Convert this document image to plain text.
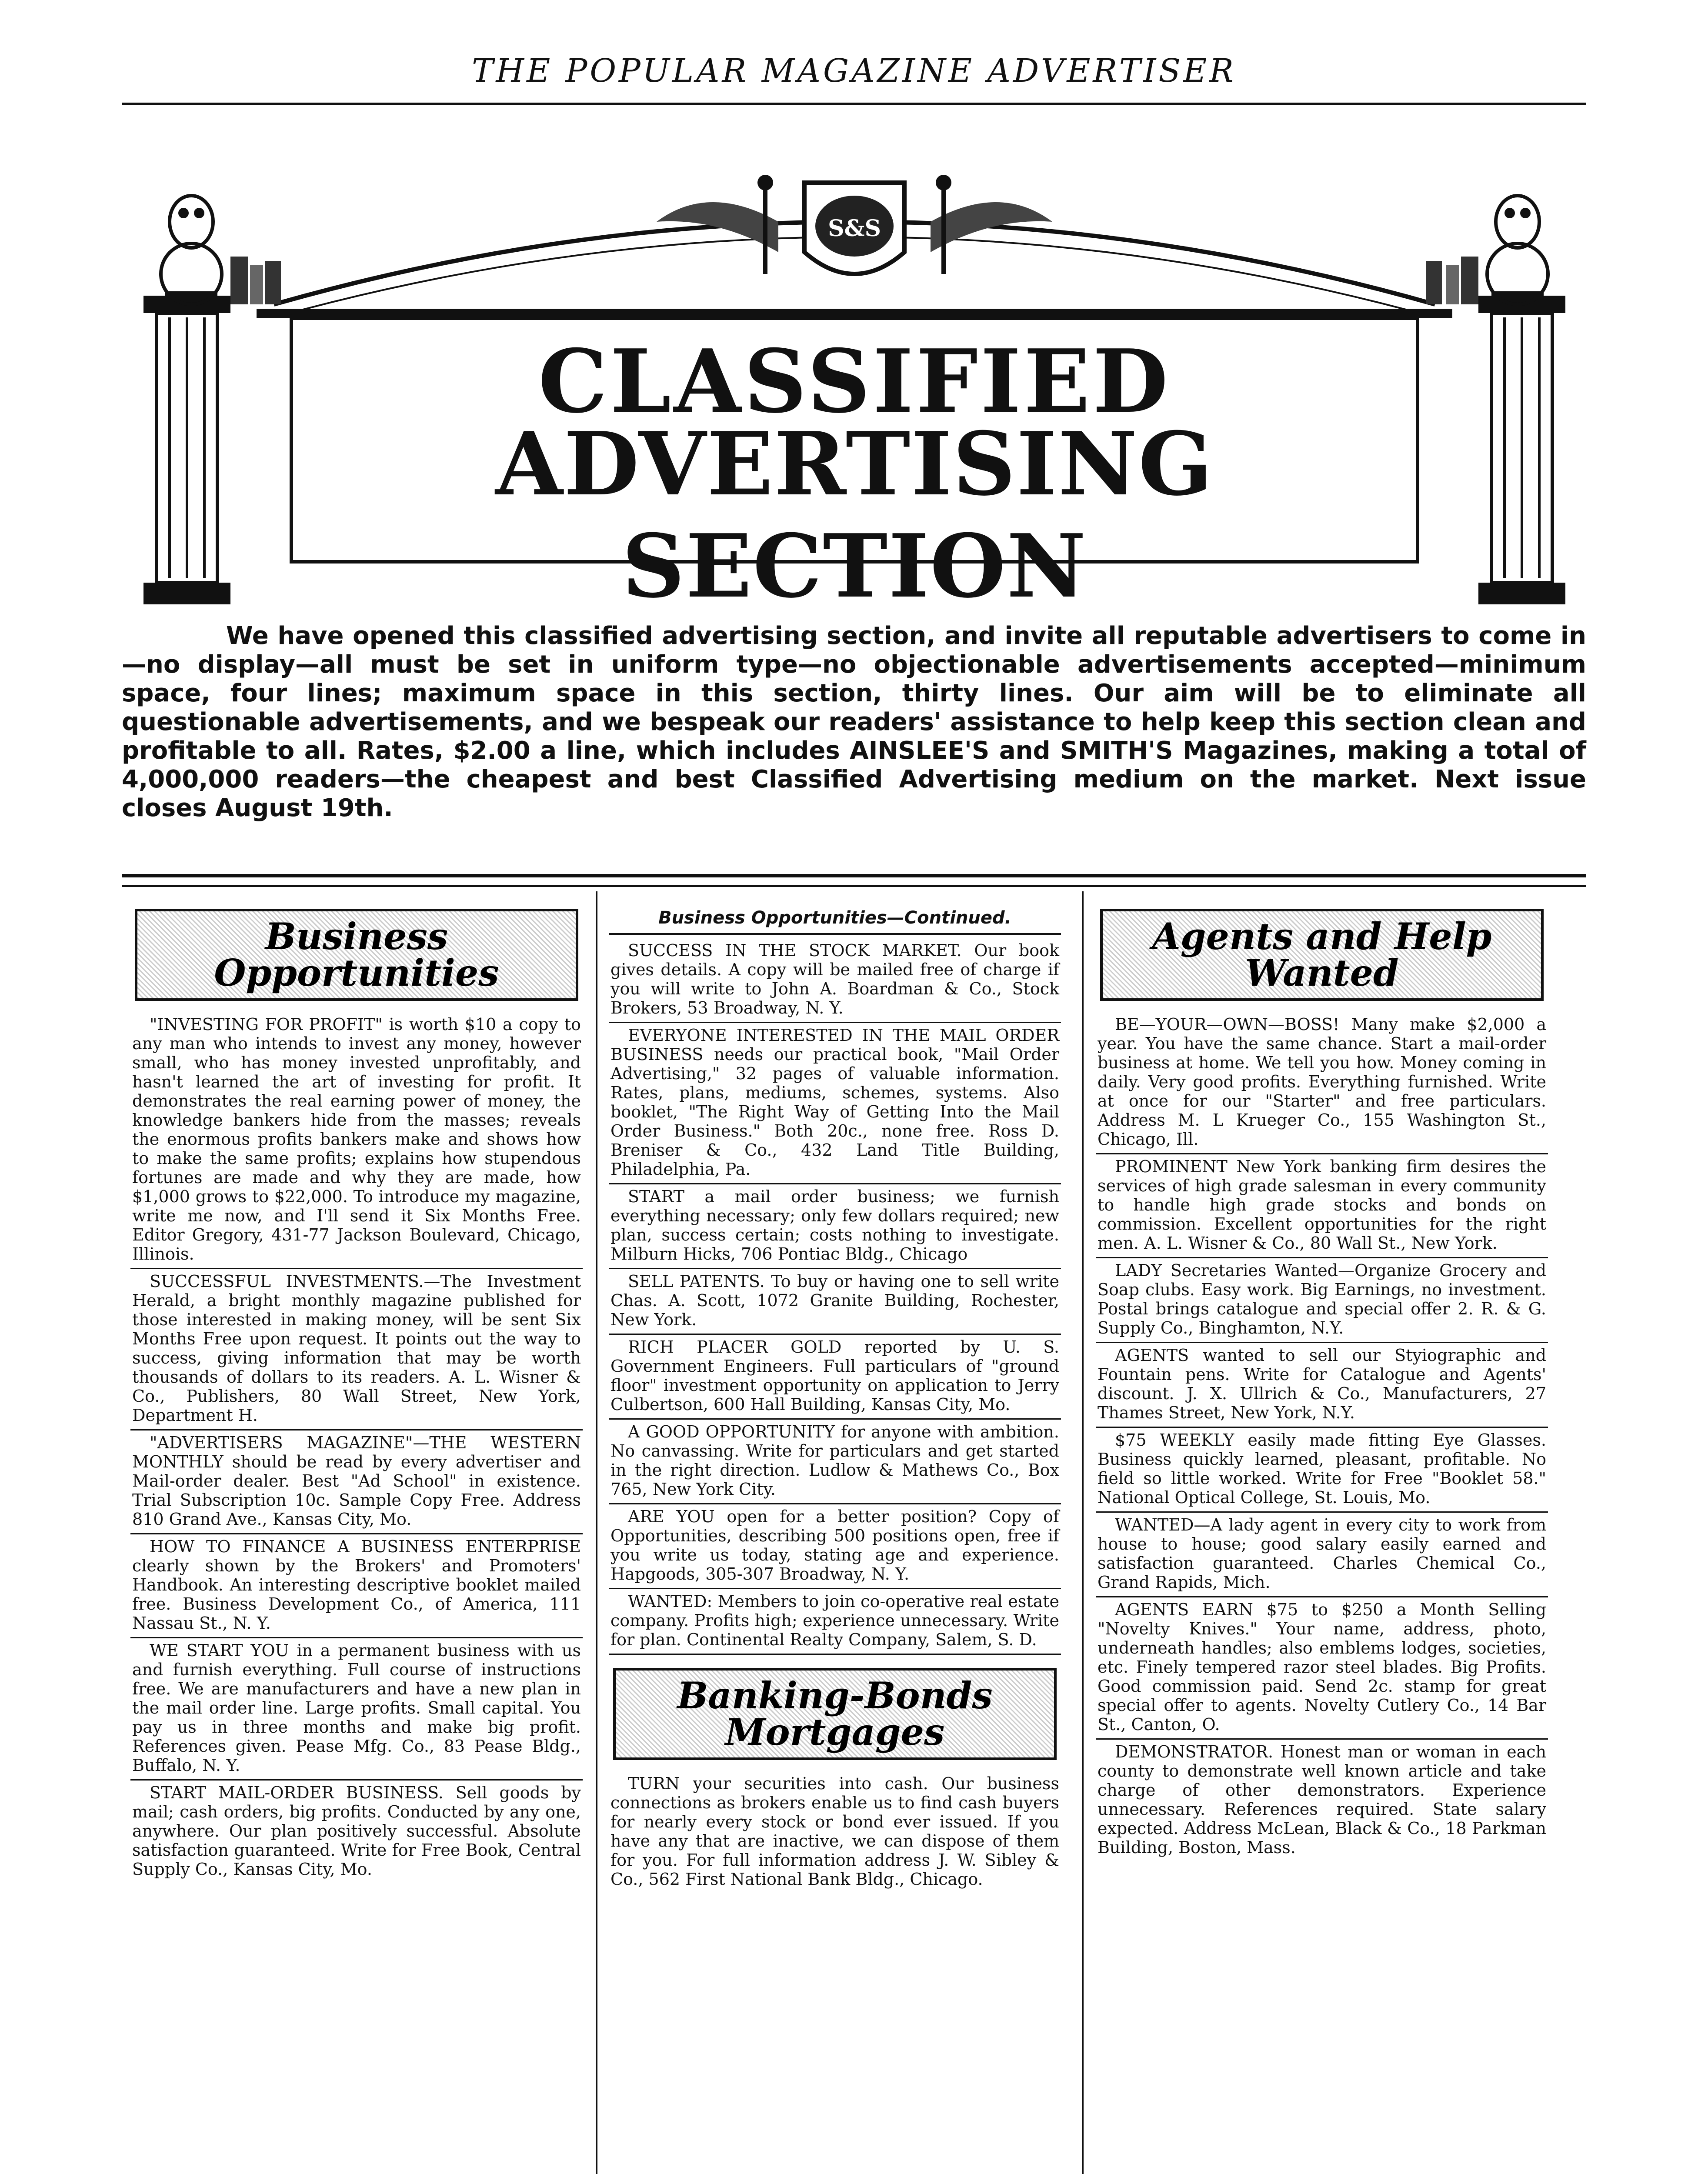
THE POPULAR MAGAZINE ADVERTISER
S&S
CLASSIFIED
ADVERTISING SECTION
We have opened this classified advertising section, and invite all reputable advertisers to come in —no display—all must be set in uniform type—no objectionable advertisements accepted—minimum space, four lines; maximum space in this section, thirty lines. Our aim will be to eliminate all questionable advertisements, and we bespeak our readers' assistance to help keep this section clean and profitable to all. Rates, $2.00 a line, which includes AINSLEE'S and SMITH'S Magazines, making a total of 4,000,000 readers—the cheapest and best Classified Advertising medium on the market. Next issue closes August 19th.
Business
Opportunities

"INVESTING FOR PROFIT" is worth $10 a copy to any man who intends to invest any money, however small, who has money invested unprofitably, and hasn't learned the art of investing for profit. It demonstrates the real earning power of money, the knowledge bankers hide from the masses; reveals the enormous profits bankers make and shows how to make the same profits; explains how stupendous fortunes are made and why they are made, how $1,000 grows to $22,000. To introduce my magazine, write me now, and I'll send it Six Months Free. Editor Gregory, 431-77 Jackson Boulevard, Chicago, Illinois.

SUCCESSFUL INVESTMENTS.—The Investment Herald, a bright monthly magazine published for those interested in making money, will be sent Six Months Free upon request. It points out the way to success, giving information that may be worth thousands of dollars to its readers. A. L. Wisner & Co., Publishers, 80 Wall Street, New York, Department H.

"ADVERTISERS MAGAZINE"—THE WESTERN MONTHLY should be read by every advertiser and Mail-order dealer. Best "Ad School" in existence. Trial Subscription 10c. Sample Copy Free. Address 810 Grand Ave., Kansas City, Mo.

HOW TO FINANCE A BUSINESS ENTERPRISE clearly shown by the Brokers' and Promoters' Handbook. An interesting descriptive booklet mailed free. Business Development Co., of America, 111 Nassau St., N. Y.

WE START YOU in a permanent business with us and furnish everything. Full course of instructions free. We are manufacturers and have a new plan in the mail order line. Large profits. Small capital. You pay us in three months and make big profit. References given. Pease Mfg. Co., 83 Pease Bldg., Buffalo, N. Y.

START MAIL-ORDER BUSINESS. Sell goods by mail; cash orders, big profits. Conducted by any one, anywhere. Our plan positively successful. Absolute satisfaction guaranteed. Write for Free Book, Central Supply Co., Kansas City, Mo.

Business Opportunities—Continued.

SUCCESS IN THE STOCK MARKET. Our book gives details. A copy will be mailed free of charge if you will write to John A. Boardman & Co., Stock Brokers, 53 Broadway, N. Y.

EVERYONE INTERESTED IN THE MAIL ORDER BUSINESS needs our practical book, "Mail Order Advertising," 32 pages of valuable information. Rates, plans, mediums, schemes, systems. Also booklet, "The Right Way of Getting Into the Mail Order Business." Both 20c., none free. Ross D. Breniser & Co., 432 Land Title Building, Philadelphia, Pa.

START a mail order business; we furnish everything necessary; only few dollars required; new plan, success certain; costs nothing to investigate. Milburn Hicks, 706 Pontiac Bldg., Chicago

SELL PATENTS. To buy or having one to sell write Chas. A. Scott, 1072 Granite Building, Rochester, New York.

RICH PLACER GOLD reported by U. S. Government Engineers. Full particulars of "ground floor" investment opportunity on application to Jerry Culbertson, 600 Hall Building, Kansas City, Mo.

A GOOD OPPORTUNITY for anyone with ambition. No canvassing. Write for particulars and get started in the right direction. Ludlow & Mathews Co., Box 765, New York City.

ARE YOU open for a better position? Copy of Opportunities, describing 500 positions open, free if you write us today, stating age and experience. Hapgoods, 305-307 Broadway, N. Y.

WANTED: Members to join co-operative real estate company. Profits high; experience unnecessary. Write for plan. Continental Realty Company, Salem, S. D.

Banking-Bonds
Mortgages

TURN your securities into cash. Our business connections as brokers enable us to find cash buyers for nearly every stock or bond ever issued. If you have any that are inactive, we can dispose of them for you. For full information address J. W. Sibley & Co., 562 First National Bank Bldg., Chicago.

Agents and Help
Wanted

BE—YOUR—OWN—BOSS! Many make $2,000 a year. You have the same chance. Start a mail-order business at home. We tell you how. Money coming in daily. Very good profits. Everything furnished. Write at once for our "Starter" and free particulars. Address M. L Krueger Co., 155 Washington St., Chicago, Ill.

PROMINENT New York banking firm desires the services of high grade salesman in every community to handle high grade stocks and bonds on commission. Excellent opportunities for the right men. A. L. Wisner & Co., 80 Wall St., New York.

LADY Secretaries Wanted—Organize Grocery and Soap clubs. Easy work. Big Earnings, no investment. Postal brings catalogue and special offer 2. R. & G. Supply Co., Binghamton, N.Y.

AGENTS wanted to sell our Styiographic and Fountain pens. Write for Catalogue and Agents' discount. J. X. Ullrich & Co., Manufacturers, 27 Thames Street, New York, N.Y.

$75 WEEKLY easily made fitting Eye Glasses. Business quickly learned, pleasant, profitable. No field so little worked. Write for Free "Booklet 58." National Optical College, St. Louis, Mo.

WANTED—A lady agent in every city to work from house to house; good salary easily earned and satisfaction guaranteed. Charles Chemical Co., Grand Rapids, Mich.

AGENTS EARN $75 to $250 a Month Selling "Novelty Knives." Your name, address, photo, underneath handles; also emblems lodges, societies, etc. Finely tempered razor steel blades. Big Profits. Good commission paid. Send 2c. stamp for great special offer to agents. Novelty Cutlery Co., 14 Bar St., Canton, O.

DEMONSTRATOR. Honest man or woman in each county to demonstrate well known article and take charge of other demonstrators. Experience unnecessary. References required. State salary expected. Address McLean, Black & Co., 18 Parkman Building, Boston, Mass.
